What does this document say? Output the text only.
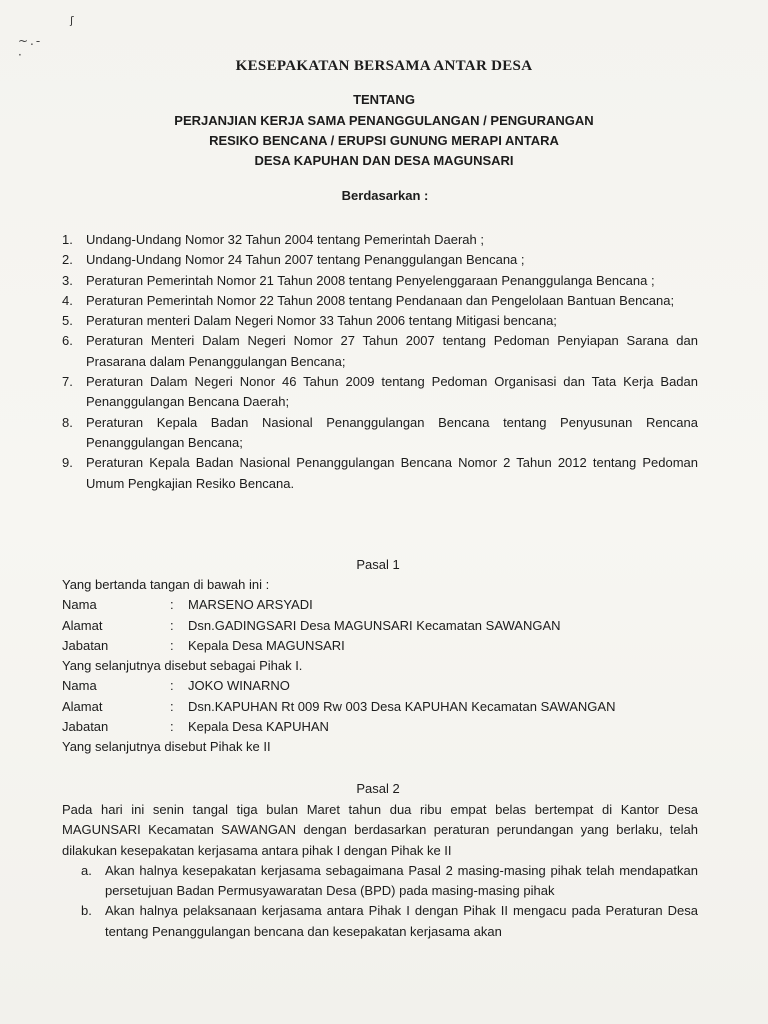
ʃ
~.- ·
KESEPAKATAN BERSAMA ANTAR DESA
TENTANG
PERJANJIAN KERJA SAMA PENANGGULANGAN / PENGURANGAN
RESIKO BENCANA / ERUPSI GUNUNG MERAPI ANTARA
DESA KAPUHAN DAN DESA MAGUNSARI
Berdasarkan :
1. Undang-Undang Nomor 32 Tahun 2004 tentang Pemerintah Daerah ;
2. Undang-Undang Nomor 24 Tahun 2007 tentang Penanggulangan Bencana ;
3. Peraturan Pemerintah Nomor 21 Tahun 2008 tentang Penyelenggaraan Penanggulanga Bencana ;
4. Peraturan Pemerintah Nomor 22 Tahun 2008 tentang Pendanaan dan Pengelolaan Bantuan Bencana;
5. Peraturan menteri Dalam Negeri Nomor 33 Tahun 2006 tentang Mitigasi bencana;
6. Peraturan Menteri Dalam Negeri Nomor 27 Tahun 2007 tentang Pedoman Penyiapan Sarana dan Prasarana dalam Penanggulangan Bencana;
7. Peraturan Dalam Negeri Nonor 46 Tahun 2009 tentang Pedoman Organisasi dan Tata Kerja Badan Penanggulangan Bencana Daerah;
8. Peraturan Kepala Badan Nasional Penanggulangan Bencana tentang Penyusunan Rencana Penanggulangan Bencana;
9. Peraturan Kepala Badan Nasional Penanggulangan Bencana Nomor 2 Tahun 2012 tentang Pedoman Umum Pengkajian Resiko Bencana.
Pasal 1
Yang bertanda tangan di bawah ini :
Nama	:	MARSENO ARSYADI
Alamat	:	Dsn.GADINGSARI Desa MAGUNSARI Kecamatan SAWANGAN
Jabatan	:	Kepala Desa MAGUNSARI
Yang selanjutnya disebut sebagai Pihak I.
Nama	:	JOKO WINARNO
Alamat	:	Dsn.KAPUHAN Rt 009 Rw 003 Desa KAPUHAN Kecamatan SAWANGAN
Jabatan	:	Kepala Desa KAPUHAN
Yang selanjutnya disebut Pihak ke II
Pasal 2
Pada hari ini senin tangal tiga bulan Maret tahun dua ribu empat belas bertempat di Kantor Desa MAGUNSARI Kecamatan SAWANGAN dengan berdasarkan peraturan perundangan yang berlaku, telah dilakukan kesepakatan kerjasama antara pihak I dengan Pihak ke II
a. Akan halnya kesepakatan kerjasama sebagaimana Pasal 2 masing-masing pihak telah mendapatkan persetujuan Badan Permusyawaratan Desa (BPD) pada masing-masing pihak
b. Akan halnya pelaksanaan kerjasama antara Pihak I dengan Pihak II mengacu pada Peraturan Desa tentang Penanggulangan bencana dan kesepakatan kerjasama akan
